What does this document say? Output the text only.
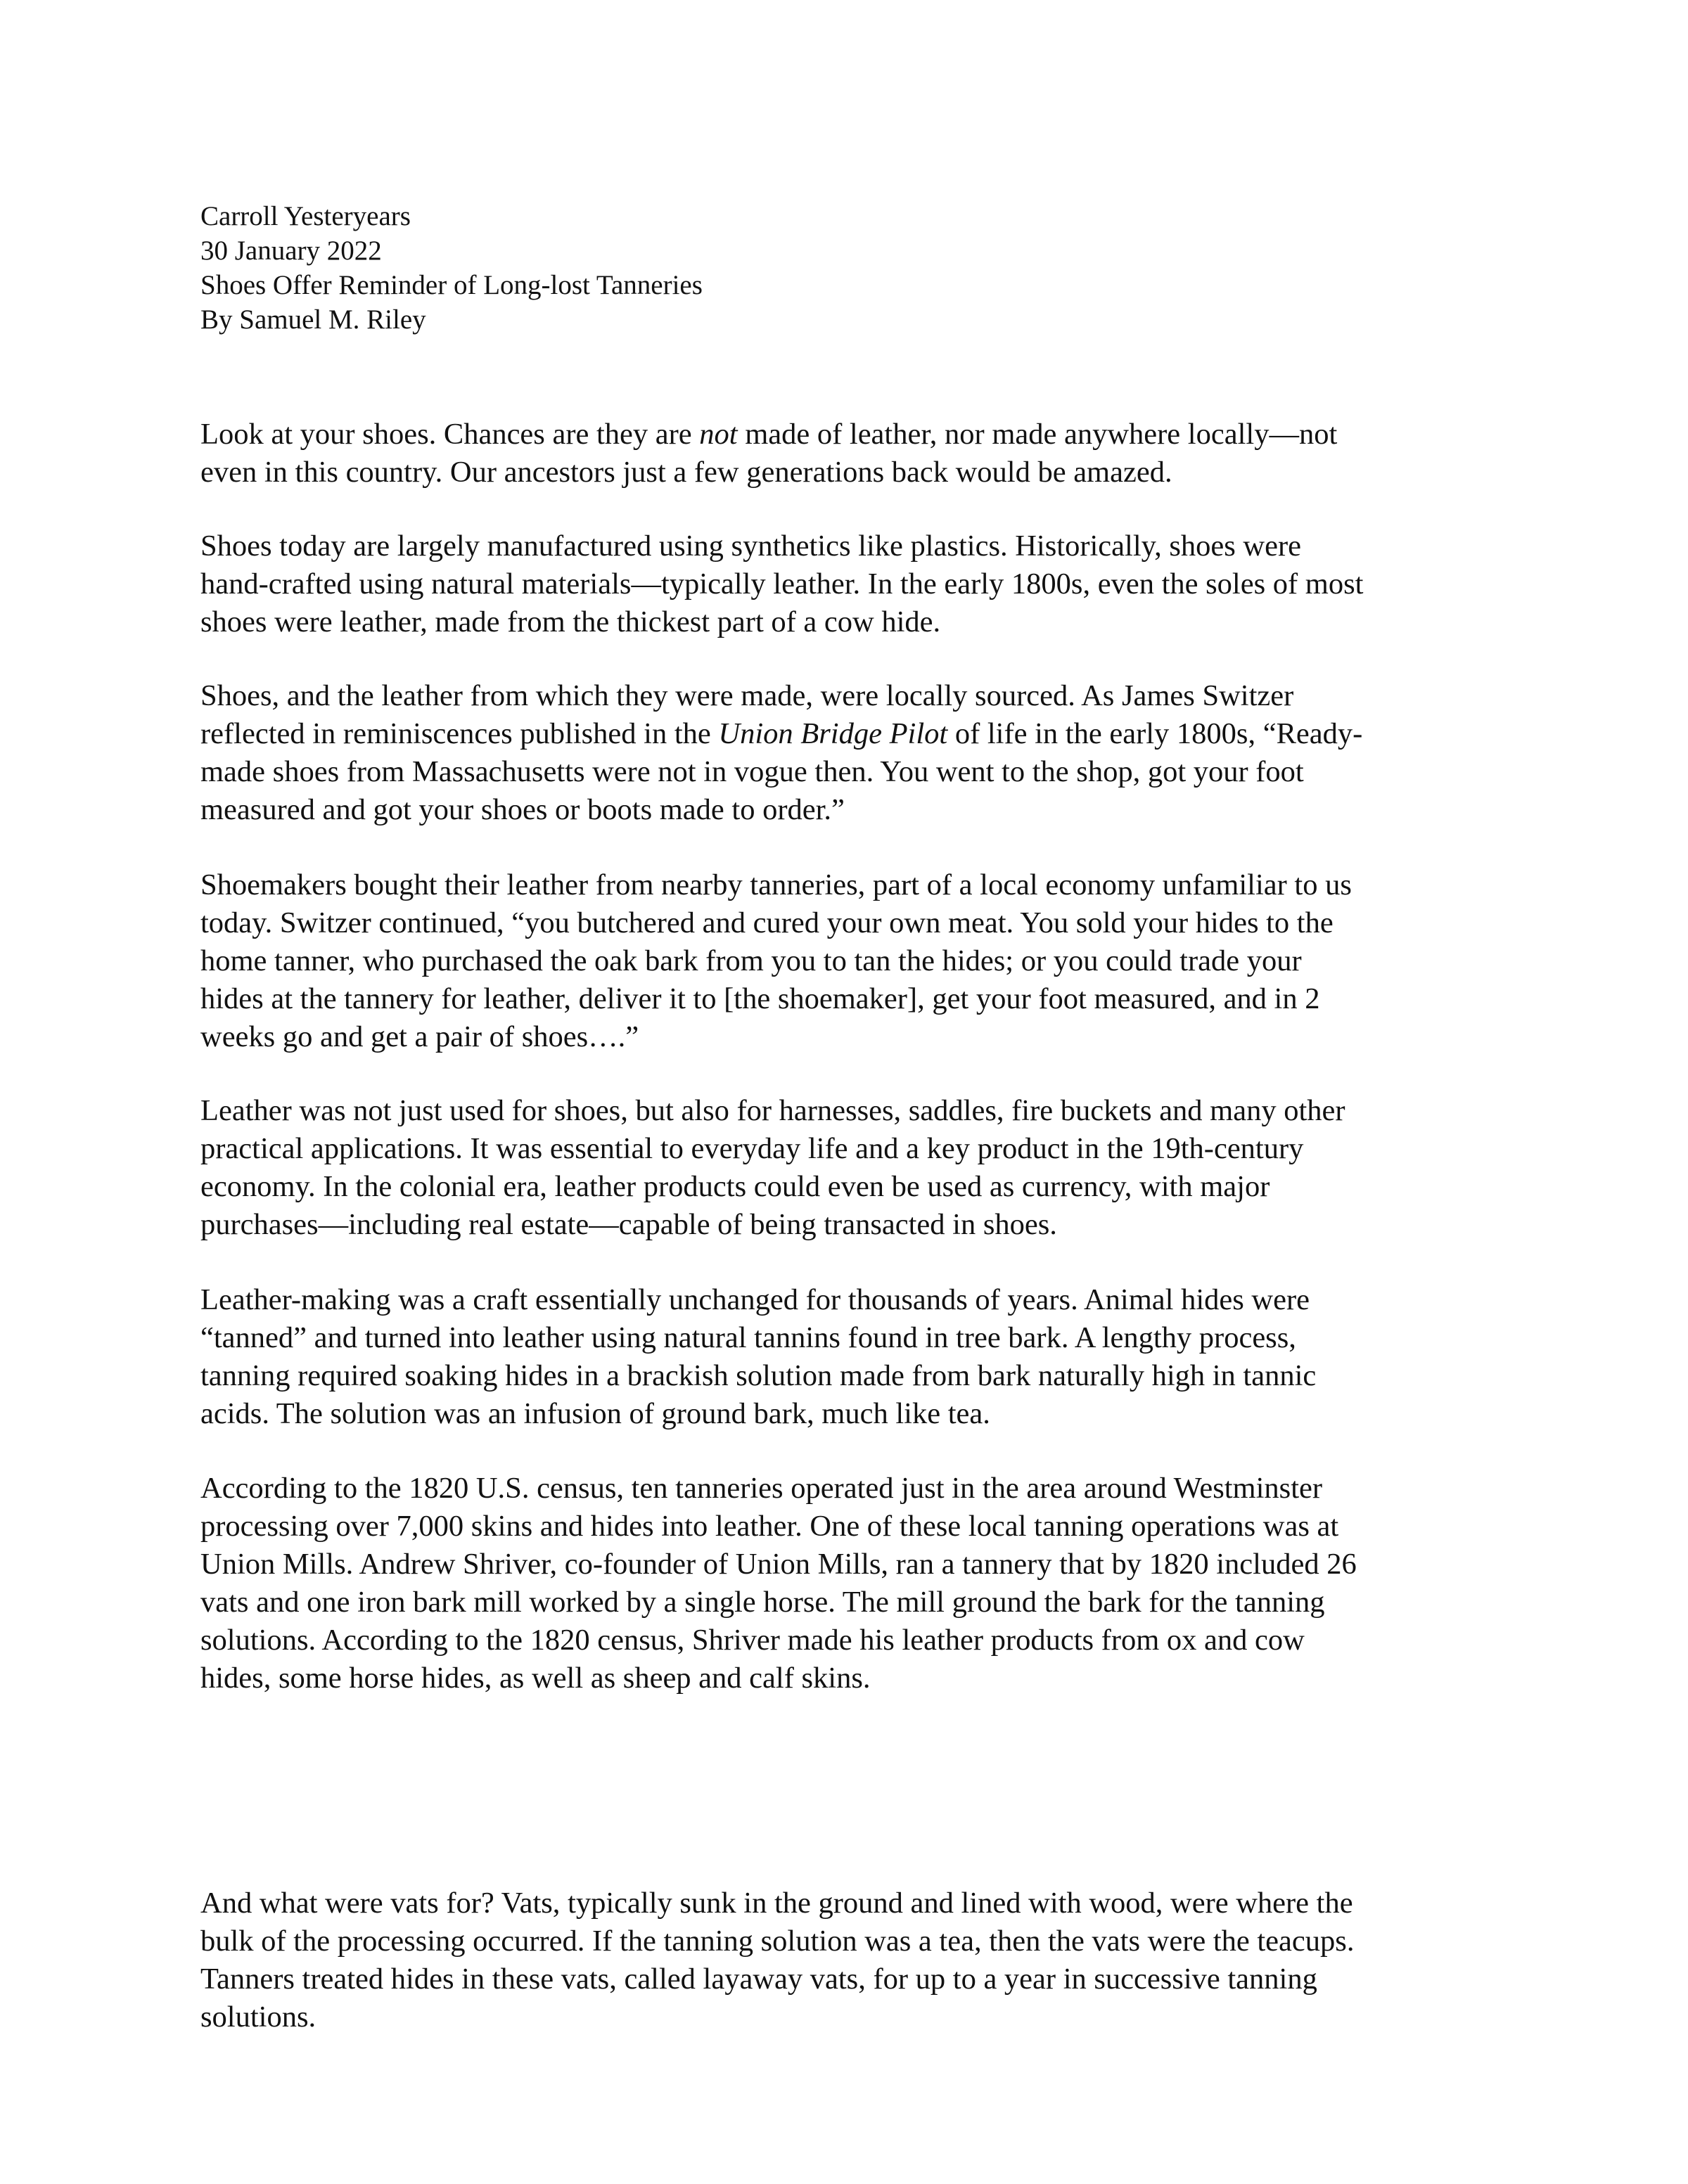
Carroll Yesteryears
30 January 2022
Shoes Offer Reminder of Long-lost Tanneries
By Samuel M. Riley
Look at your shoes. Chances are they are not made of leather, nor made anywhere locally—not
even in this country. Our ancestors just a few generations back would be amazed.
Shoes today are largely manufactured using synthetics like plastics. Historically, shoes were
hand-crafted using natural materials—typically leather. In the early 1800s, even the soles of most
shoes were leather, made from the thickest part of a cow hide.
Shoes, and the leather from which they were made, were locally sourced. As James Switzer
reflected in reminiscences published in the Union Bridge Pilot of life in the early 1800s, “Ready-
made shoes from Massachusetts were not in vogue then. You went to the shop, got your foot
measured and got your shoes or boots made to order.”
Shoemakers bought their leather from nearby tanneries, part of a local economy unfamiliar to us
today. Switzer continued, “you butchered and cured your own meat. You sold your hides to the
home tanner, who purchased the oak bark from you to tan the hides; or you could trade your
hides at the tannery for leather, deliver it to [the shoemaker], get your foot measured, and in 2
weeks go and get a pair of shoes….”
Leather was not just used for shoes, but also for harnesses, saddles, fire buckets and many other
practical applications. It was essential to everyday life and a key product in the 19th-century
economy. In the colonial era, leather products could even be used as currency, with major
purchases—including real estate—capable of being transacted in shoes.
Leather-making was a craft essentially unchanged for thousands of years. Animal hides were
“tanned” and turned into leather using natural tannins found in tree bark. A lengthy process,
tanning required soaking hides in a brackish solution made from bark naturally high in tannic
acids. The solution was an infusion of ground bark, much like tea.
According to the 1820 U.S. census, ten tanneries operated just in the area around Westminster
processing over 7,000 skins and hides into leather. One of these local tanning operations was at
Union Mills. Andrew Shriver, co-founder of Union Mills, ran a tannery that by 1820 included 26
vats and one iron bark mill worked by a single horse. The mill ground the bark for the tanning
solutions. According to the 1820 census, Shriver made his leather products from ox and cow
hides, some horse hides, as well as sheep and calf skins.
And what were vats for? Vats, typically sunk in the ground and lined with wood, were where the
bulk of the processing occurred. If the tanning solution was a tea, then the vats were the teacups.
Tanners treated hides in these vats, called layaway vats, for up to a year in successive tanning
solutions.
